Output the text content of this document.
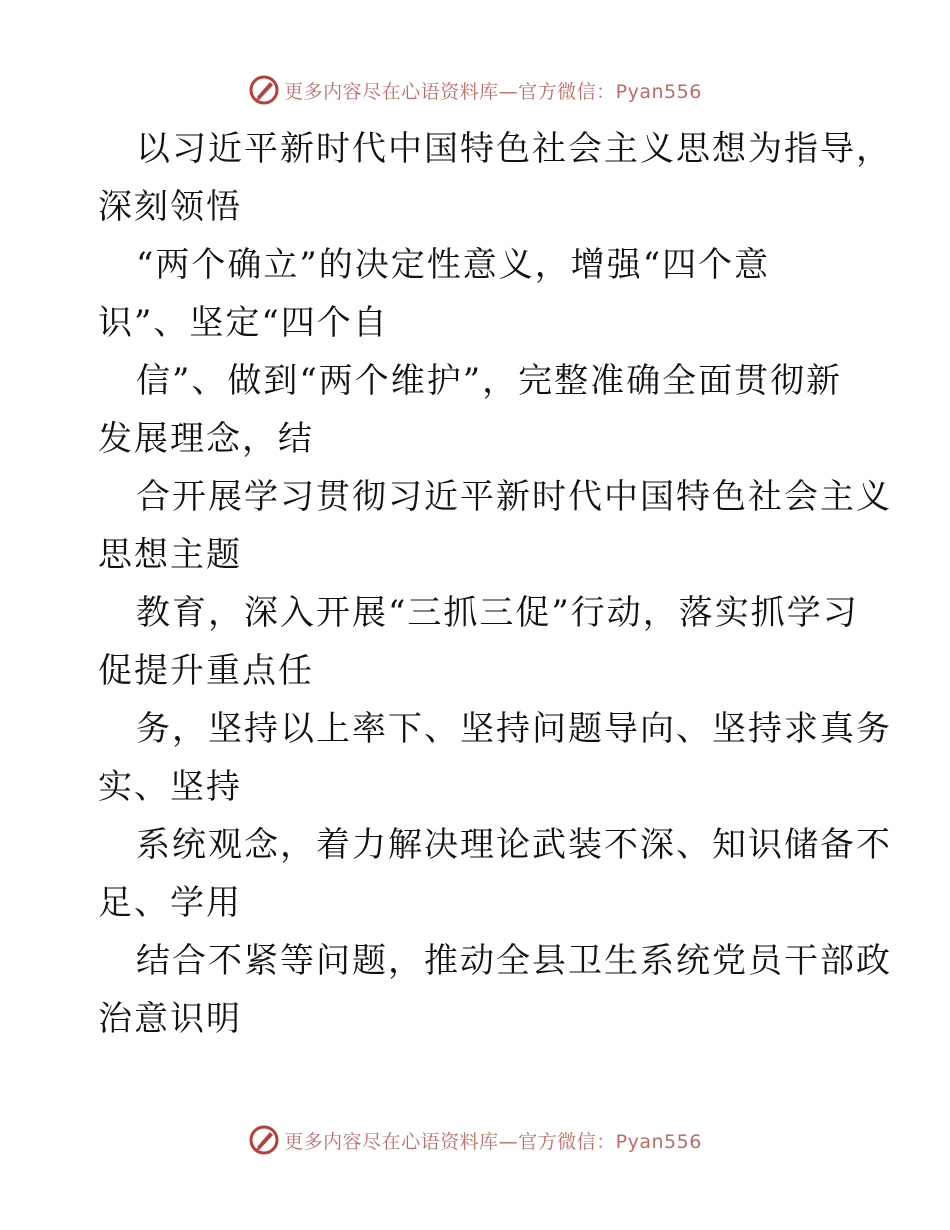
更多内容尽在心语资料库—官方微信：Pyan556
以习近平新时代中国特色社会主义思想为指导，
深刻领悟
“两个确立”的决定性意义，增强“四个意
识”、坚定“四个自
信”、做到“两个维护”，完整准确全面贯彻新
发展理念，结
合开展学习贯彻习近平新时代中国特色社会主义
思想主题
教育，深入开展“三抓三促”行动，落实抓学习
促提升重点任
务，坚持以上率下、坚持问题导向、坚持求真务
实、坚持
系统观念，着力解决理论武装不深、知识储备不
足、学用
结合不紧等问题，推动全县卫生系统党员干部政
治意识明
更多内容尽在心语资料库—官方微信：Pyan556
